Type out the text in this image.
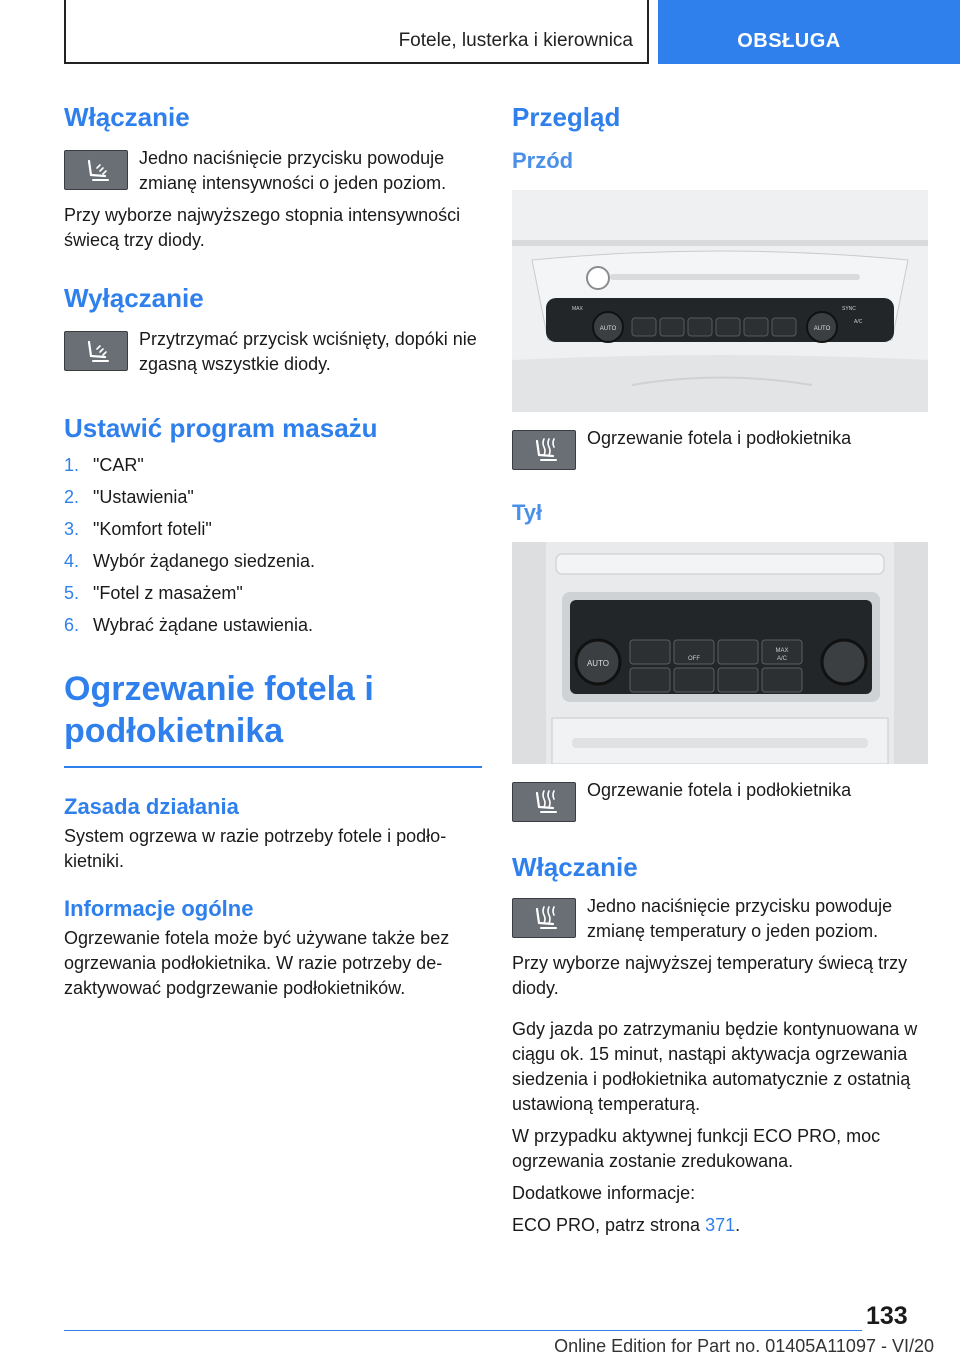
Fotele, lusterka i kierownica	OBSŁUGA
Włączanie
Jedno naciśnięcie przycisku powoduje zmianę intensywności o jeden poziom.
Przy wyborze najwyższego stopnia intensywności świecą trzy diody.
Wyłączanie
Przytrzymać przycisk wciśnięty, dopóki nie zgasną wszystkie diody.
Ustawić program masażu
1. "CAR"
2. "Ustawienia"
3. "Komfort foteli"
4. Wybór żądanego siedzenia.
5. "Fotel z masażem"
6. Wybrać żądane ustawienia.
Ogrzewanie fotela i
podłokietnika
Zasada działania
System ogrzewa w razie potrzeby fotele i podłokietniki.
Informacje ogólne
Ogrzewanie fotela może być używane także bez ogrzewania podłokietnika. W razie potrzeby dezaktywować podgrzewanie podłokietników.
Przegląd
Przód
AUTO	AUTO
MAX	SYNC
A/C
Ogrzewanie fotela i podłokietnika
Tył
AUTO	OFF
MAX
A/C
Ogrzewanie fotela i podłokietnika
Włączanie
Jedno naciśnięcie przycisku powoduje zmianę temperatury o jeden poziom.
Przy wyborze najwyższej temperatury świecą trzy diody.
Gdy jazda po zatrzymaniu będzie kontynuowana w ciągu ok. 15 minut, nastąpi aktywacja ogrzewania siedzenia i podłokietnika automatycznie z ostatnią ustawioną temperaturą.
W przypadku aktywnej funkcji ECO PRO, moc ogrzewania zostanie zredukowana.
Dodatkowe informacje:
ECO PRO, patrz strona 371.
133
Online Edition for Part no. 01405A11097 - VI/20
